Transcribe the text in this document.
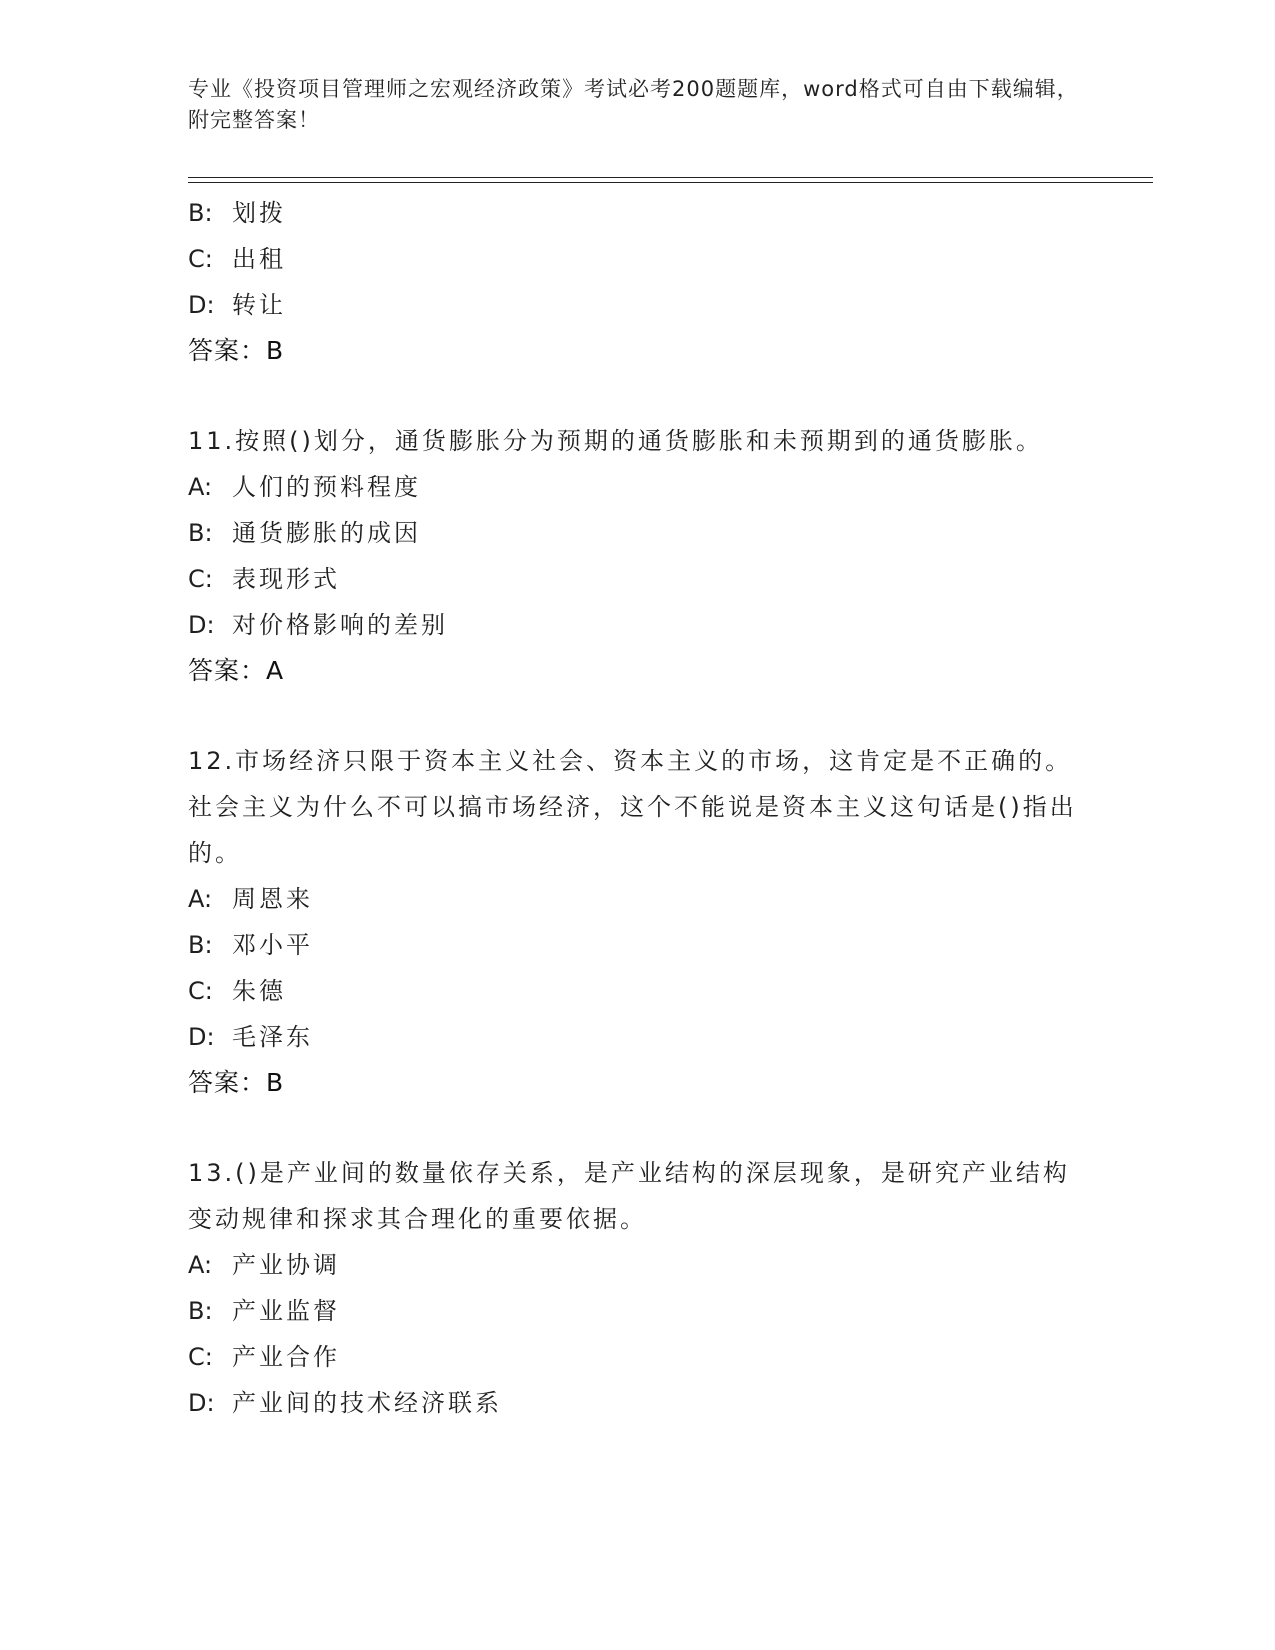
专业《投资项目管理师之宏观经济政策》考试必考200题题库，word格式可自由下载编辑，附完整答案！
B: 划拨
C: 出租
D: 转让
答案：B
11.按照()划分，通货膨胀分为预期的通货膨胀和未预期到的通货膨胀。
A: 人们的预料程度
B: 通货膨胀的成因
C: 表现形式
D: 对价格影响的差别
答案：A
12.市场经济只限于资本主义社会、资本主义的市场，这肯定是不正确的。社会主义为什么不可以搞市场经济，这个不能说是资本主义这句话是()指出的。
A: 周恩来
B: 邓小平
C: 朱德
D: 毛泽东
答案：B
13.()是产业间的数量依存关系，是产业结构的深层现象，是研究产业结构变动规律和探求其合理化的重要依据。
A: 产业协调
B: 产业监督
C: 产业合作
D: 产业间的技术经济联系
